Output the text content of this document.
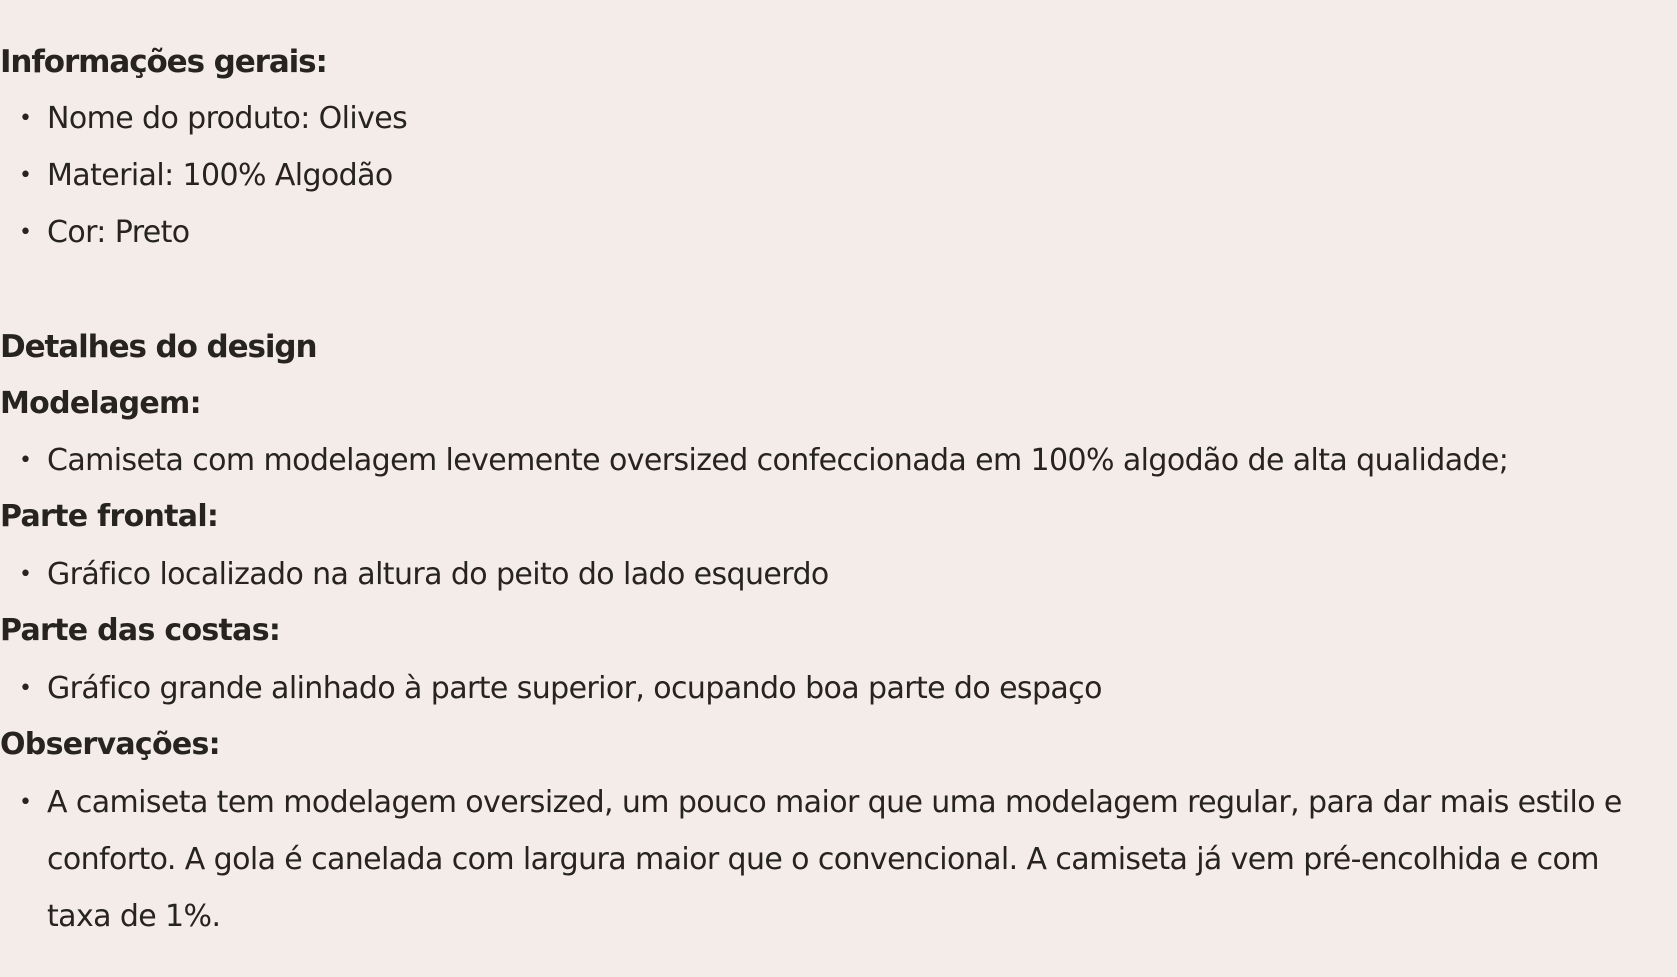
Informações gerais:
• Nome do produto: Olives
• Material: 100% Algodão
• Cor: Preto
Detalhes do design
Modelagem:
• Camiseta com modelagem levemente oversized confeccionada em 100% algodão de alta qualidade;
Parte frontal:
• Gráfico localizado na altura do peito do lado esquerdo
Parte das costas:
• Gráfico grande alinhado à parte superior, ocupando boa parte do espaço
Observações:
• A camiseta tem modelagem oversized, um pouco maior que uma modelagem regular, para dar mais estilo e conforto. A gola é canelada com largura maior que o convencional. A camiseta já vem pré-encolhida e com taxa de 1%.
